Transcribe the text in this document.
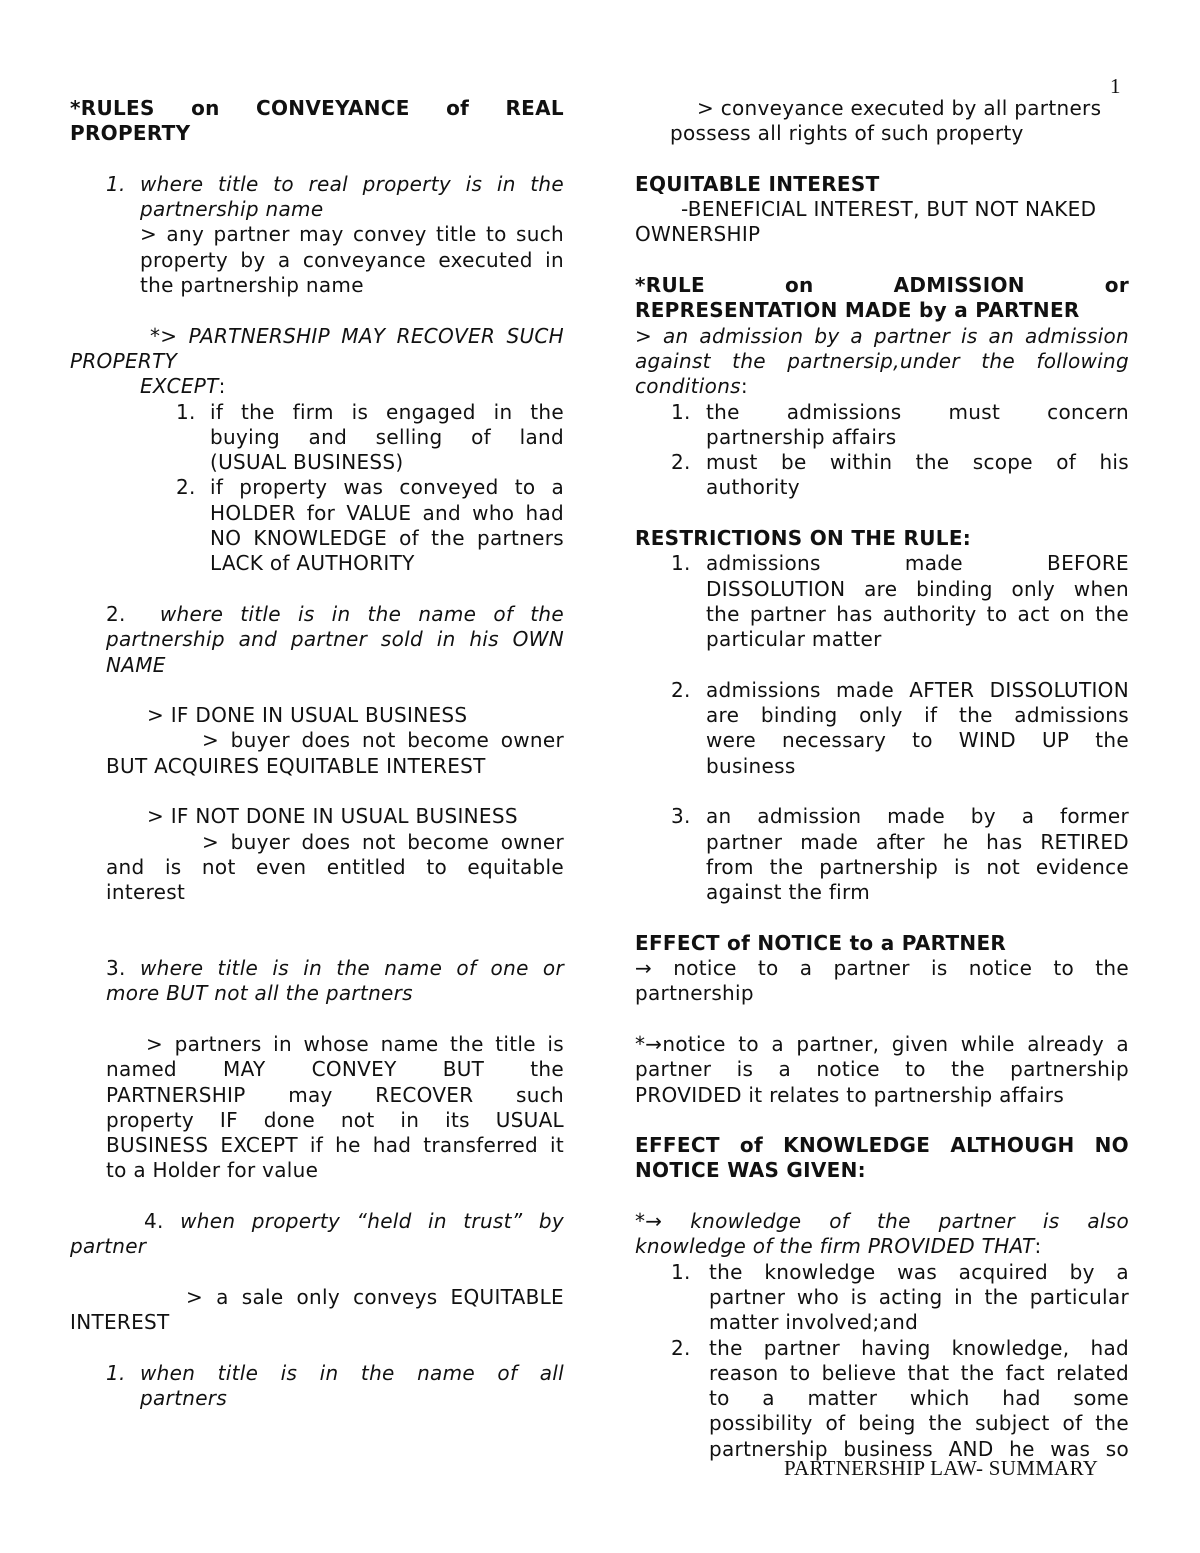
1

*RULES on CONVEYANCE of REAL

PROPERTY

1. where title to real property is in the

partnership name

> any partner may convey title to such

property by a conveyance executed in

the partnership name

*> PARTNERSHIP MAY RECOVER SUCH

PROPERTY

EXCEPT:

1. if the firm is engaged in the

buying and selling of land

(USUAL BUSINESS)

2. if property was conveyed to a

HOLDER for VALUE and who had

NO KNOWLEDGE of the partners

LACK of AUTHORITY

2. where title is in the name of the

partnership and partner sold in his OWN

NAME

> IF DONE IN USUAL BUSINESS

> buyer does not become owner

BUT ACQUIRES EQUITABLE INTEREST

> IF NOT DONE IN USUAL BUSINESS

> buyer does not become owner

and is not even entitled to equitable

interest

3. where title is in the name of one or

more BUT not all the partners

> partners in whose name the title is

named MAY CONVEY BUT the

PARTNERSHIP may RECOVER such

property IF done not in its USUAL

BUSINESS EXCEPT if he had transferred it

to a Holder for value

4. when property “held in trust” by

partner

> a sale only conveys EQUITABLE

INTEREST

1. when title is in the name of all

partners

> conveyance executed by all partners

possess all rights of such property

EQUITABLE INTEREST

-BENEFICIAL INTEREST, BUT NOT NAKED

OWNERSHIP

*RULE	on	ADMISSION	or

REPRESENTATION MADE by a PARTNER

> an admission by a partner is an admission

against the partnersip,under the following

conditions:

1. the admissions must concern

partnership affairs

2. must be within the scope of his

authority

RESTRICTIONS ON THE RULE:

1. admissions made BEFORE

DISSOLUTION are binding only when

the partner has authority to act on the

particular matter

2. admissions made AFTER DISSOLUTION

are binding only if the admissions

were necessary to WIND UP the

business

3. an admission made by a former

partner made after he has RETIRED

from the partnership is not evidence

against the firm

EFFECT of NOTICE to a PARTNER

→ notice to a partner is notice to the

partnership

*→notice to a partner, given while already a

partner is a notice to the partnership

PROVIDED it relates to partnership affairs

EFFECT of KNOWLEDGE ALTHOUGH NO

NOTICE WAS GIVEN:

*→ knowledge of the partner is also

knowledge of the firm PROVIDED THAT:

1. the knowledge was acquired by a

partner who is acting in the particular

matter involved;and

2. the partner having knowledge, had

reason to believe that the fact related

to a matter which had some

possibility of being the subject of the

partnership business AND he was so

PARTNERSHIP LAW- SUMMARY
